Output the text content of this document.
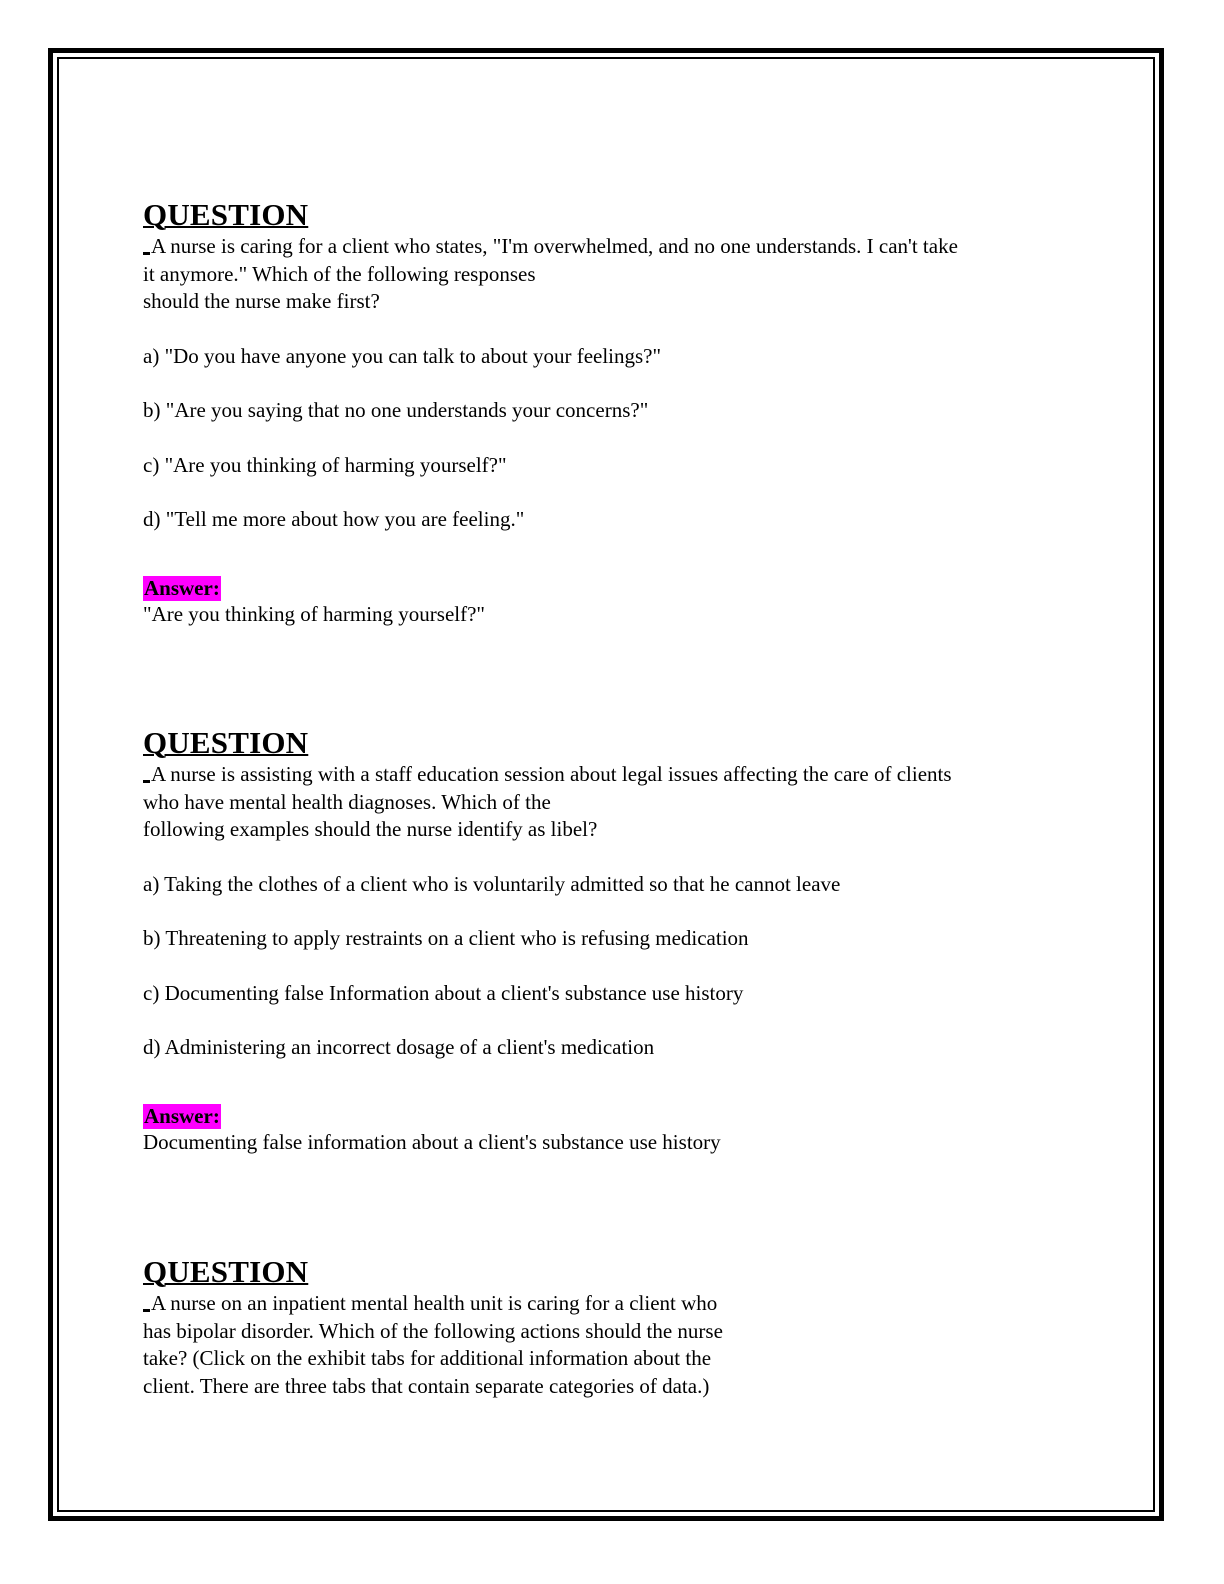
QUESTION

A nurse is caring for a client who states, "I'm overwhelmed, and no one understands. I can't take
it anymore." Which of the following responses
should the nurse make first?

a) "Do you have anyone you can talk to about your feelings?"

b) "Are you saying that no one understands your concerns?"

c) "Are you thinking of harming yourself?"

d) "Tell me more about how you are feeling."

Answer:

"Are you thinking of harming yourself?"

QUESTION

A nurse is assisting with a staff education session about legal issues affecting the care of clients
who have mental health diagnoses. Which of the
following examples should the nurse identify as libel?

a) Taking the clothes of a client who is voluntarily admitted so that he cannot leave

b) Threatening to apply restraints on a client who is refusing medication

c) Documenting false Information about a client's substance use history

d) Administering an incorrect dosage of a client's medication

Answer:

Documenting false information about a client's substance use history

QUESTION

A nurse on an inpatient mental health unit is caring for a client who
has bipolar disorder. Which of the following actions should the nurse
take? (Click on the exhibit tabs for additional information about the
client. There are three tabs that contain separate categories of data.)
